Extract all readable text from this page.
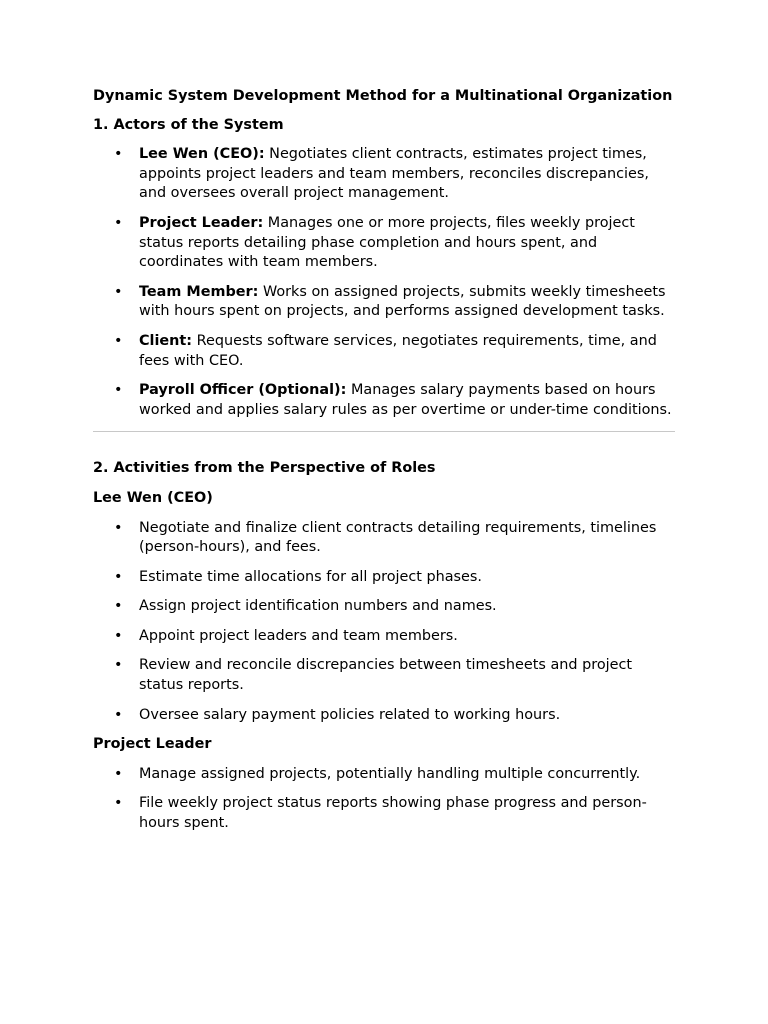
Dynamic System Development Method for a Multinational Organization
1. Actors of the System
• Lee Wen (CEO): Negotiates client contracts, estimates project times, appoints project leaders and team members, reconciles discrepancies, and oversees overall project management.
• Project Leader: Manages one or more projects, files weekly project status reports detailing phase completion and hours spent, and coordinates with team members.
• Team Member: Works on assigned projects, submits weekly timesheets with hours spent on projects, and performs assigned development tasks.
• Client: Requests software services, negotiates requirements, time, and fees with CEO.
• Payroll Officer (Optional): Manages salary payments based on hours worked and applies salary rules as per overtime or under-time conditions.
2. Activities from the Perspective of Roles
Lee Wen (CEO)
• Negotiate and finalize client contracts detailing requirements, timelines (person-hours), and fees.
• Estimate time allocations for all project phases.
• Assign project identification numbers and names.
• Appoint project leaders and team members.
• Review and reconcile discrepancies between timesheets and project status reports.
• Oversee salary payment policies related to working hours.
Project Leader
• Manage assigned projects, potentially handling multiple concurrently.
• File weekly project status reports showing phase progress and person-hours spent.
